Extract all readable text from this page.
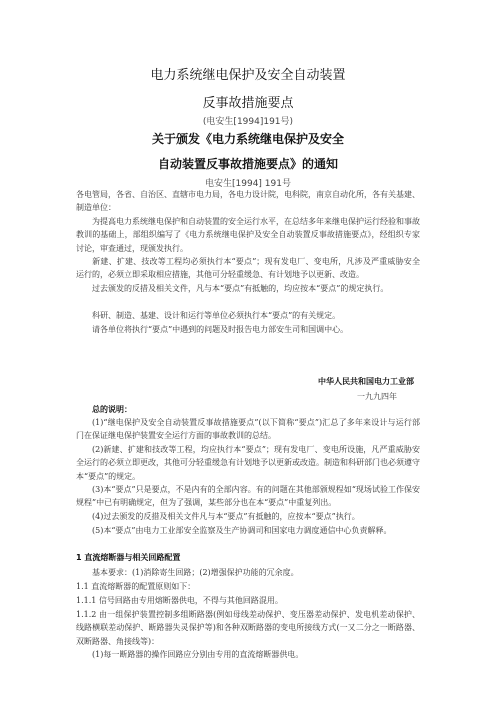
电力系统继电保护及安全自动装置
反事故措施要点
(电安生[1994]191号)
关于颁发《电力系统继电保护及安全
自动装置反事故措施要点》的通知
电安生[1994] 191号
各电管局，各省、自治区、直辖市电力局，各电力设计院，电科院，南京自动化所，各有关基建、制造单位：
为提高电力系统继电保护和自动装置的安全运行水平，在总结多年来继电保护运行经验和事故教训的基础上，部组织编写了《电力系统继电保护及安全自动装置反事故措施要点》，经组织专家讨论，审查通过，现颁发执行。
新建、扩建、技改等工程均必须执行本“要点”；现有发电厂、变电所，凡涉及严重威胁安全运行的，必须立即采取相应措施，其他可分轻重缓急、有计划地予以更新、改造。
过去颁发的反措及相关文件，凡与本“要点”有抵触的，均应按本“要点”的规定执行。
科研、制造、基建、设计和运行等单位必须执行本“要点”的有关规定。
请各单位将执行“要点”中遇到的问题及时报告电力部安生司和国调中心。
中华人民共和国电力工业部
一九九四年
总的说明：
(1)“继电保护及安全自动装置反事故措施要点”(以下简称“要点”)汇总了多年来设计与运行部门在保证继电保护装置安全运行方面的事故教训的总结。
(2)新建、扩建和技改等工程，均应执行本“要点”；现有发电厂、变电所设施，凡严重威胁安全运行的必须立即更改，其他可分轻重缓急有计划地予以更新或改造。制造和科研部门也必须遵守本“要点”的规定。
(3)本“要点”只是要点，不是内有的全部内容。有的问题在其他部颁规程如“现场试验工作保安规程”中已有明确规定，但为了强调，某些部分也在本“要点”中重复列出。
(4)过去颁发的反措及相关文件凡与本“要点”有抵触的，应按本“要点”执行。
(5)本“要点”由电力工业部安全监察及生产协调司和国家电力调度通信中心负责解释。
1 直流熔断器与相关回路配置
基本要求：(1)消除寄生回路；(2)增强保护功能的冗余度。
1.1 直流熔断器的配置原则如下：
1.1.1 信号回路由专用熔断器供电，不得与其他回路混用。
1.1.2 由一组保护装置控制多组断路器(例如母线差动保护、变压器差动保护、发电机差动保护、线路横联差动保护、断路器失灵保护等)和各种双断路器的变电所接线方式(一又二分之一断路器、双断路器、角接线等)：
(1)每一断路器的操作回路应分别由专用的直流熔断器供电。
